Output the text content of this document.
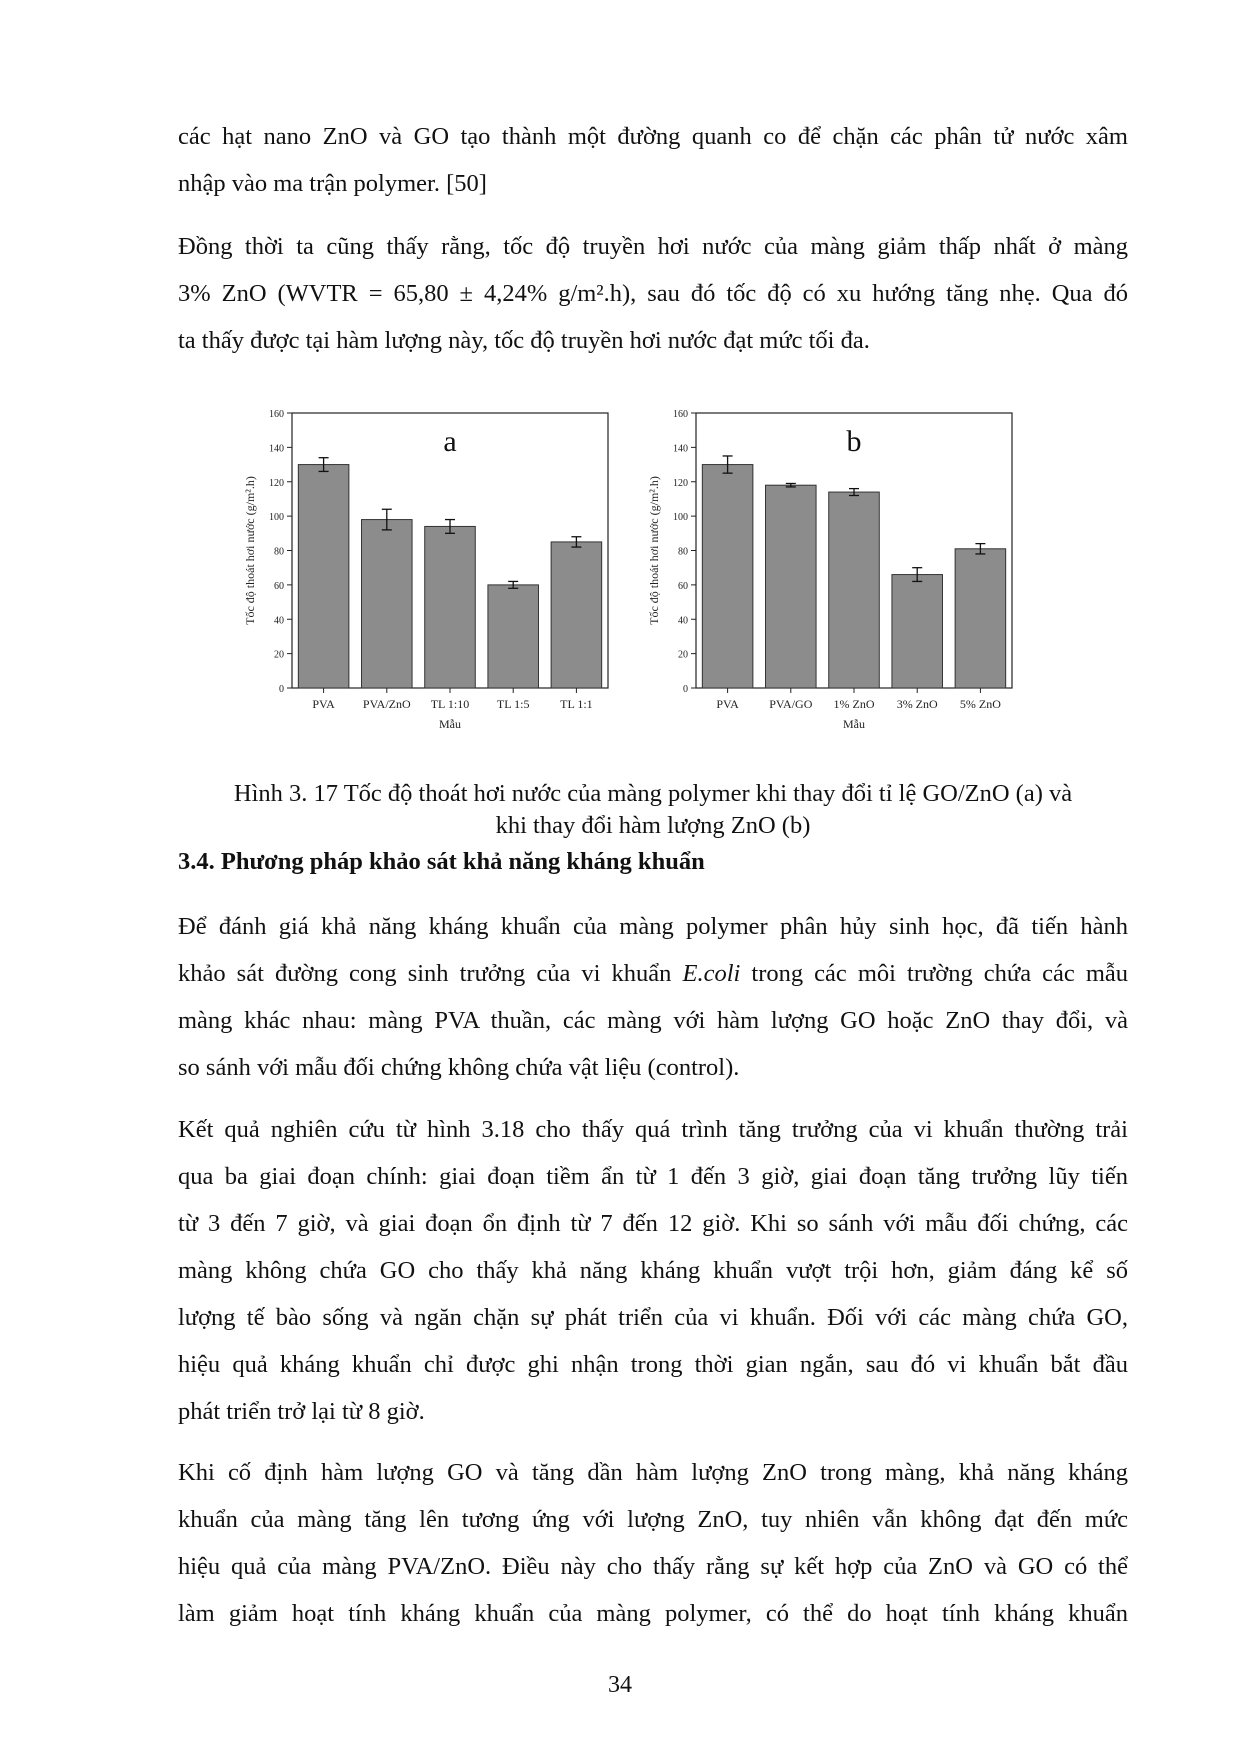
các hạt nano ZnO và GO tạo thành một đường quanh co để chặn các phân tử nước xâm
nhập vào ma trận polymer. [50]
Đồng thời ta cũng thấy rằng, tốc độ truyền hơi nước của màng giảm thấp nhất ở màng
3% ZnO (WVTR = 65,80 ± 4,24% g/m².h), sau đó tốc độ có xu hướng tăng nhẹ. Qua đó
ta thấy được tại hàm lượng này, tốc độ truyền hơi nước đạt mức tối đa.
0
20
40
60
80
100
120
140
160
PVA PVA/ZnO TL 1:10 TL 1:5	TL 1:1
Mẫu
Tốc độ thoát hơi nước (g/m².h)
a
0
20
40
60
80
100
120
140
160
PVA	PVA/GO 1% ZnO 3% ZnO 5% ZnO
Mẫu
Tốc độ thoát hơi nước (g/m².h)
b
Hình 3. 17 Tốc độ thoát hơi nước của màng polymer khi thay đổi tỉ lệ GO/ZnO (a) và
khi thay đổi hàm lượng ZnO (b)
3.4. Phương pháp khảo sát khả năng kháng khuẩn
Để đánh giá khả năng kháng khuẩn của màng polymer phân hủy sinh học, đã tiến hành
khảo sát đường cong sinh trưởng của vi khuẩn E.coli trong các môi trường chứa các mẫu
màng khác nhau: màng PVA thuần, các màng với hàm lượng GO hoặc ZnO thay đổi, và
so sánh với mẫu đối chứng không chứa vật liệu (control).
Kết quả nghiên cứu từ hình 3.18 cho thấy quá trình tăng trưởng của vi khuẩn thường trải
qua ba giai đoạn chính: giai đoạn tiềm ẩn từ 1 đến 3 giờ, giai đoạn tăng trưởng lũy tiến
từ 3 đến 7 giờ, và giai đoạn ổn định từ 7 đến 12 giờ. Khi so sánh với mẫu đối chứng, các
màng không chứa GO cho thấy khả năng kháng khuẩn vượt trội hơn, giảm đáng kể số
lượng tế bào sống và ngăn chặn sự phát triển của vi khuẩn. Đối với các màng chứa GO,
hiệu quả kháng khuẩn chỉ được ghi nhận trong thời gian ngắn, sau đó vi khuẩn bắt đầu
phát triển trở lại từ 8 giờ.
Khi cố định hàm lượng GO và tăng dần hàm lượng ZnO trong màng, khả năng kháng
khuẩn của màng tăng lên tương ứng với lượng ZnO, tuy nhiên vẫn không đạt đến mức
hiệu quả của màng PVA/ZnO. Điều này cho thấy rằng sự kết hợp của ZnO và GO có thể
làm giảm hoạt tính kháng khuẩn của màng polymer, có thể do hoạt tính kháng khuẩn
34
